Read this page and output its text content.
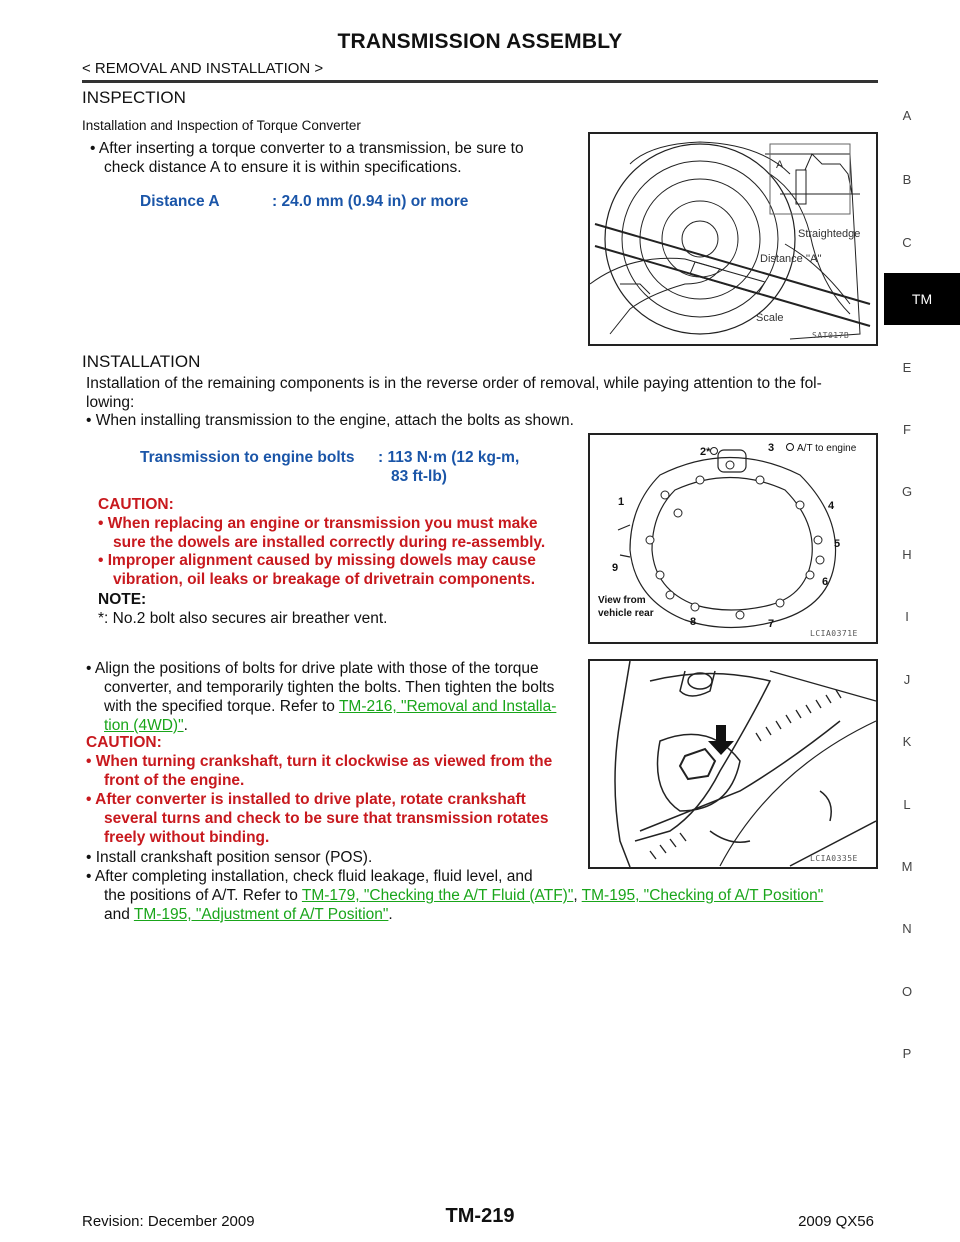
TRANSMISSION ASSEMBLY
< REMOVAL AND INSTALLATION >
INSPECTION
Installation and Inspection of Torque Converter
• After inserting a torque converter to a transmission, be sure to
check distance A to ensure it is within specifications.
Distance A	: 24.0 mm (0.94 in) or more
A
Straightedge
Distance ''A''
Scale
SAT017B
INSTALLATION
Installation of the remaining components is in the reverse order of removal, while paying attention to the fol-
lowing:
• When installing transmission to the engine, attach the bolts as shown.
Transmission to engine bolts : 113 N·m (12 kg-m,
83 ft-lb)
CAUTION:
• When replacing an engine or transmission you must make
sure the dowels are installed correctly during re-assembly.
• Improper alignment caused by missing dowels may cause
vibration, oil leaks or breakage of drivetrain components.
NOTE:
*: No.2 bolt also secures air breather vent.
2*	3
4
5
6
7
8
9
1
A/T to engine
View from
vehicle rear
LCIA0371E
• Align the positions of bolts for drive plate with those of the torque
converter, and temporarily tighten the bolts. Then tighten the bolts
with the specified torque. Refer to TM-216, "Removal and Installa-
tion (4WD)".
CAUTION:
• When turning crankshaft, turn it clockwise as viewed from the
front of the engine.
• After converter is installed to drive plate, rotate crankshaft
several turns and check to be sure that transmission rotates
freely without binding.
• Install crankshaft position sensor (POS).
• After completing installation, check fluid leakage, fluid level, and
the positions of A/T. Refer to TM-179, "Checking the A/T Fluid (ATF)", TM-195, "Checking of A/T Position"
and TM-195, "Adjustment of A/T Position".
LCIA0335E
A
B
C
TM
E
F
G
H
I
J
K
L
M
N
O
P
TM-219
Revision: December 2009	2009 QX56
